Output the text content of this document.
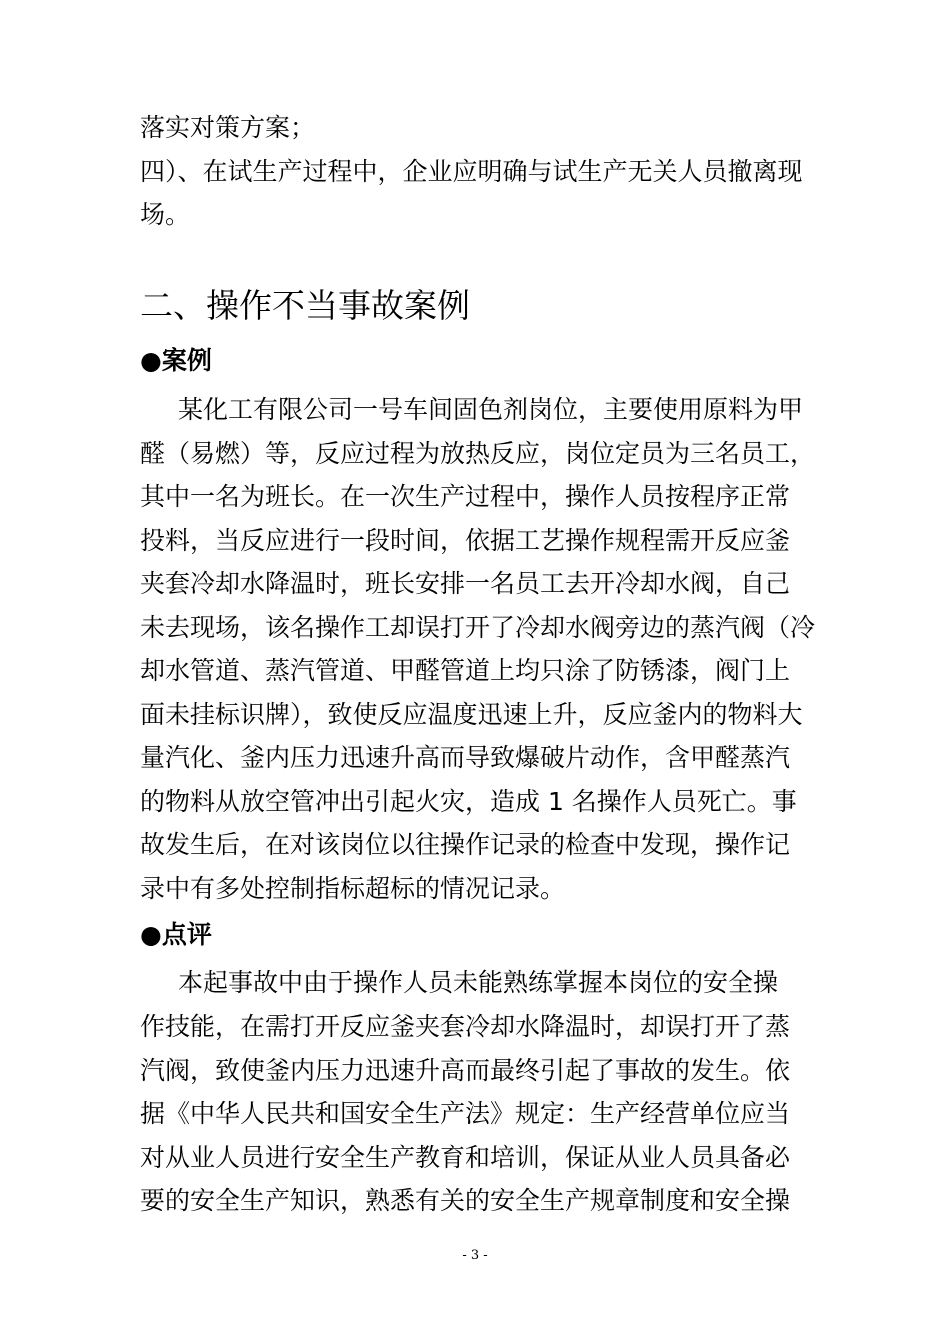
落实对策方案；
四）、在试生产过程中，企业应明确与试生产无关人员撤离现
场。
二、操作不当事故案例
●案例
某化工有限公司一号车间固色剂岗位，主要使用原料为甲
醛（易燃）等，反应过程为放热反应，岗位定员为三名员工，
其中一名为班长。在一次生产过程中，操作人员按程序正常
投料，当反应进行一段时间，依据工艺操作规程需开反应釜
夹套冷却水降温时，班长安排一名员工去开冷却水阀，自己
未去现场，该名操作工却误打开了冷却水阀旁边的蒸汽阀（冷
却水管道、蒸汽管道、甲醛管道上均只涂了防锈漆，阀门上
面未挂标识牌），致使反应温度迅速上升，反应釜内的物料大
量汽化、釜内压力迅速升高而导致爆破片动作，含甲醛蒸汽
的物料从放空管冲出引起火灾，造成 1 名操作人员死亡。事
故发生后，在对该岗位以往操作记录的检查中发现，操作记
录中有多处控制指标超标的情况记录。
●点评
本起事故中由于操作人员未能熟练掌握本岗位的安全操
作技能，在需打开反应釜夹套冷却水降温时，却误打开了蒸
汽阀，致使釜内压力迅速升高而最终引起了事故的发生。依
据《中华人民共和国安全生产法》规定：生产经营单位应当
对从业人员进行安全生产教育和培训，保证从业人员具备必
要的安全生产知识，熟悉有关的安全生产规章制度和安全操
- 3 -
